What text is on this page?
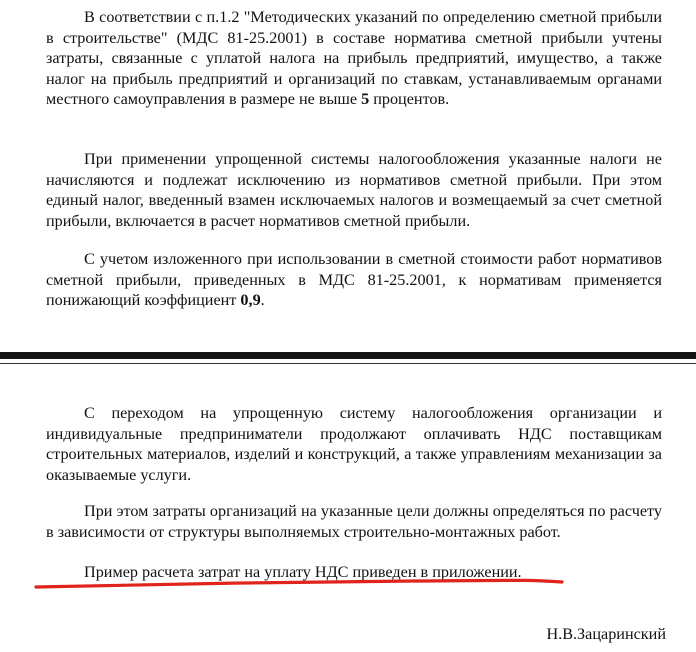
В соответствии с п.1.2 "Методических указаний по определению сметной прибыли в строительстве" (МДС 81-25.2001) в составе норматива сметной прибыли учтены затраты, связанные с уплатой налога на прибыль предприятий, имущество, а также налог на прибыль предприятий и организаций по ставкам, устанавливаемым органами местного самоуправления в размере не выше 5 процентов.

При применении упрощенной системы налогообложения указанные налоги не начисляются и подлежат исключению из нормативов сметной прибыли. При этом единый налог, введенный взамен исключаемых налогов и возмещаемый за счет сметной прибыли, включается в расчет нормативов сметной прибыли.

С учетом изложенного при использовании в сметной стоимости работ нормативов сметной прибыли, приведенных в МДС 81-25.2001, к нормативам применяется понижающий коэффициент 0,9.

С переходом на упрощенную систему налогообложения организации и индивидуальные предприниматели продолжают оплачивать НДС поставщикам строительных материалов, изделий и конструкций, а также управлениям механизации за оказываемые услуги.

При этом затраты организаций на указанные цели должны определяться по расчету в зависимости от структуры выполняемых строительно-монтажных работ.

Пример расчета затрат на уплату НДС приведен в приложении.

Н.В.Зацаринский
